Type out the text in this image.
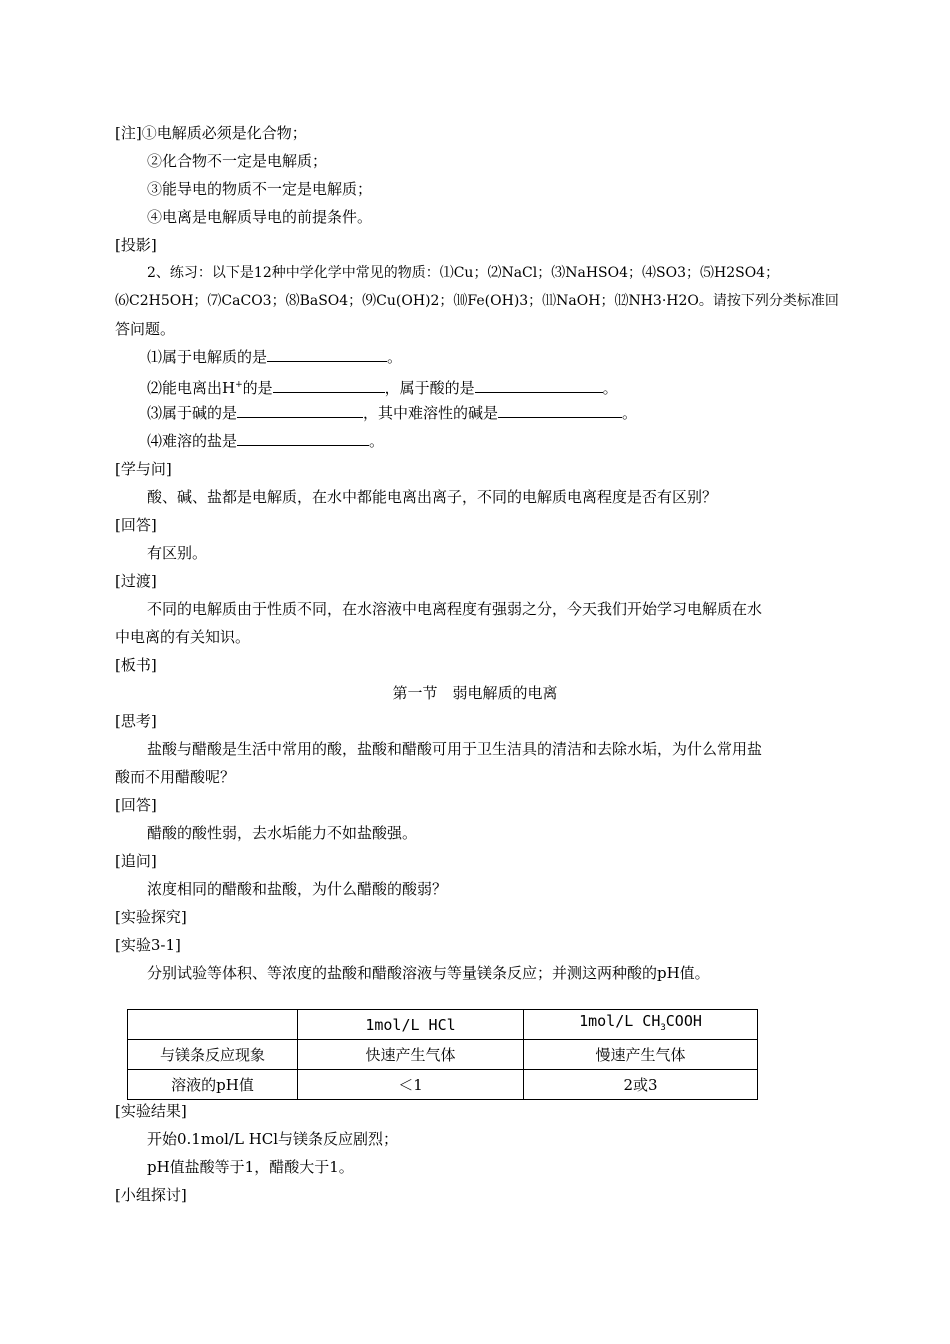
[注]①电解质必须是化合物；
②化合物不一定是电解质；
③能导电的物质不一定是电解质；
④电离是电解质导电的前提条件。
[投影]
2、练习：以下是12种中学化学中常见的物质：⑴Cu；⑵NaCl；⑶NaHSO4；⑷SO3；⑸H2SO4；
⑹C2H5OH；⑺CaCO3；⑻BaSO4；⑼Cu(OH)2；⑽Fe(OH)3；⑾NaOH；⑿NH3·H2O。请按下列分类标准回
答问题。
⑴属于电解质的是	。
⑵能电离出H+的是	，属于酸的是	。
⑶属于碱的是	，其中难溶性的碱是	。
⑷难溶的盐是	。
[学与问]
酸、碱、盐都是电解质，在水中都能电离出离子，不同的电解质电离程度是否有区别？
[回答]
有区别。
[过渡]
不同的电解质由于性质不同，在水溶液中电离程度有强弱之分，今天我们开始学习电解质在水
中电离的有关知识。
[板书]
第一节　弱电解质的电离
[思考]
盐酸与醋酸是生活中常用的酸，盐酸和醋酸可用于卫生洁具的清洁和去除水垢，为什么常用盐
酸而不用醋酸呢？
[回答]
醋酸的酸性弱，去水垢能力不如盐酸强。
[追问]
浓度相同的醋酸和盐酸，为什么醋酸的酸弱？
[实验探究]
[实验3-1]
分别试验等体积、等浓度的盐酸和醋酸溶液与等量镁条反应；并测这两种酸的pH值。
	1mol/L HCl	1mol/L $CH_3COOH$
与镁条反应现象	快速产生气体	慢速产生气体
溶液的pH值	＜1	2或3
[实验结果]
开始0.1mol/L HCl与镁条反应剧烈；
pH值盐酸等于1，醋酸大于1。
[小组探讨]
